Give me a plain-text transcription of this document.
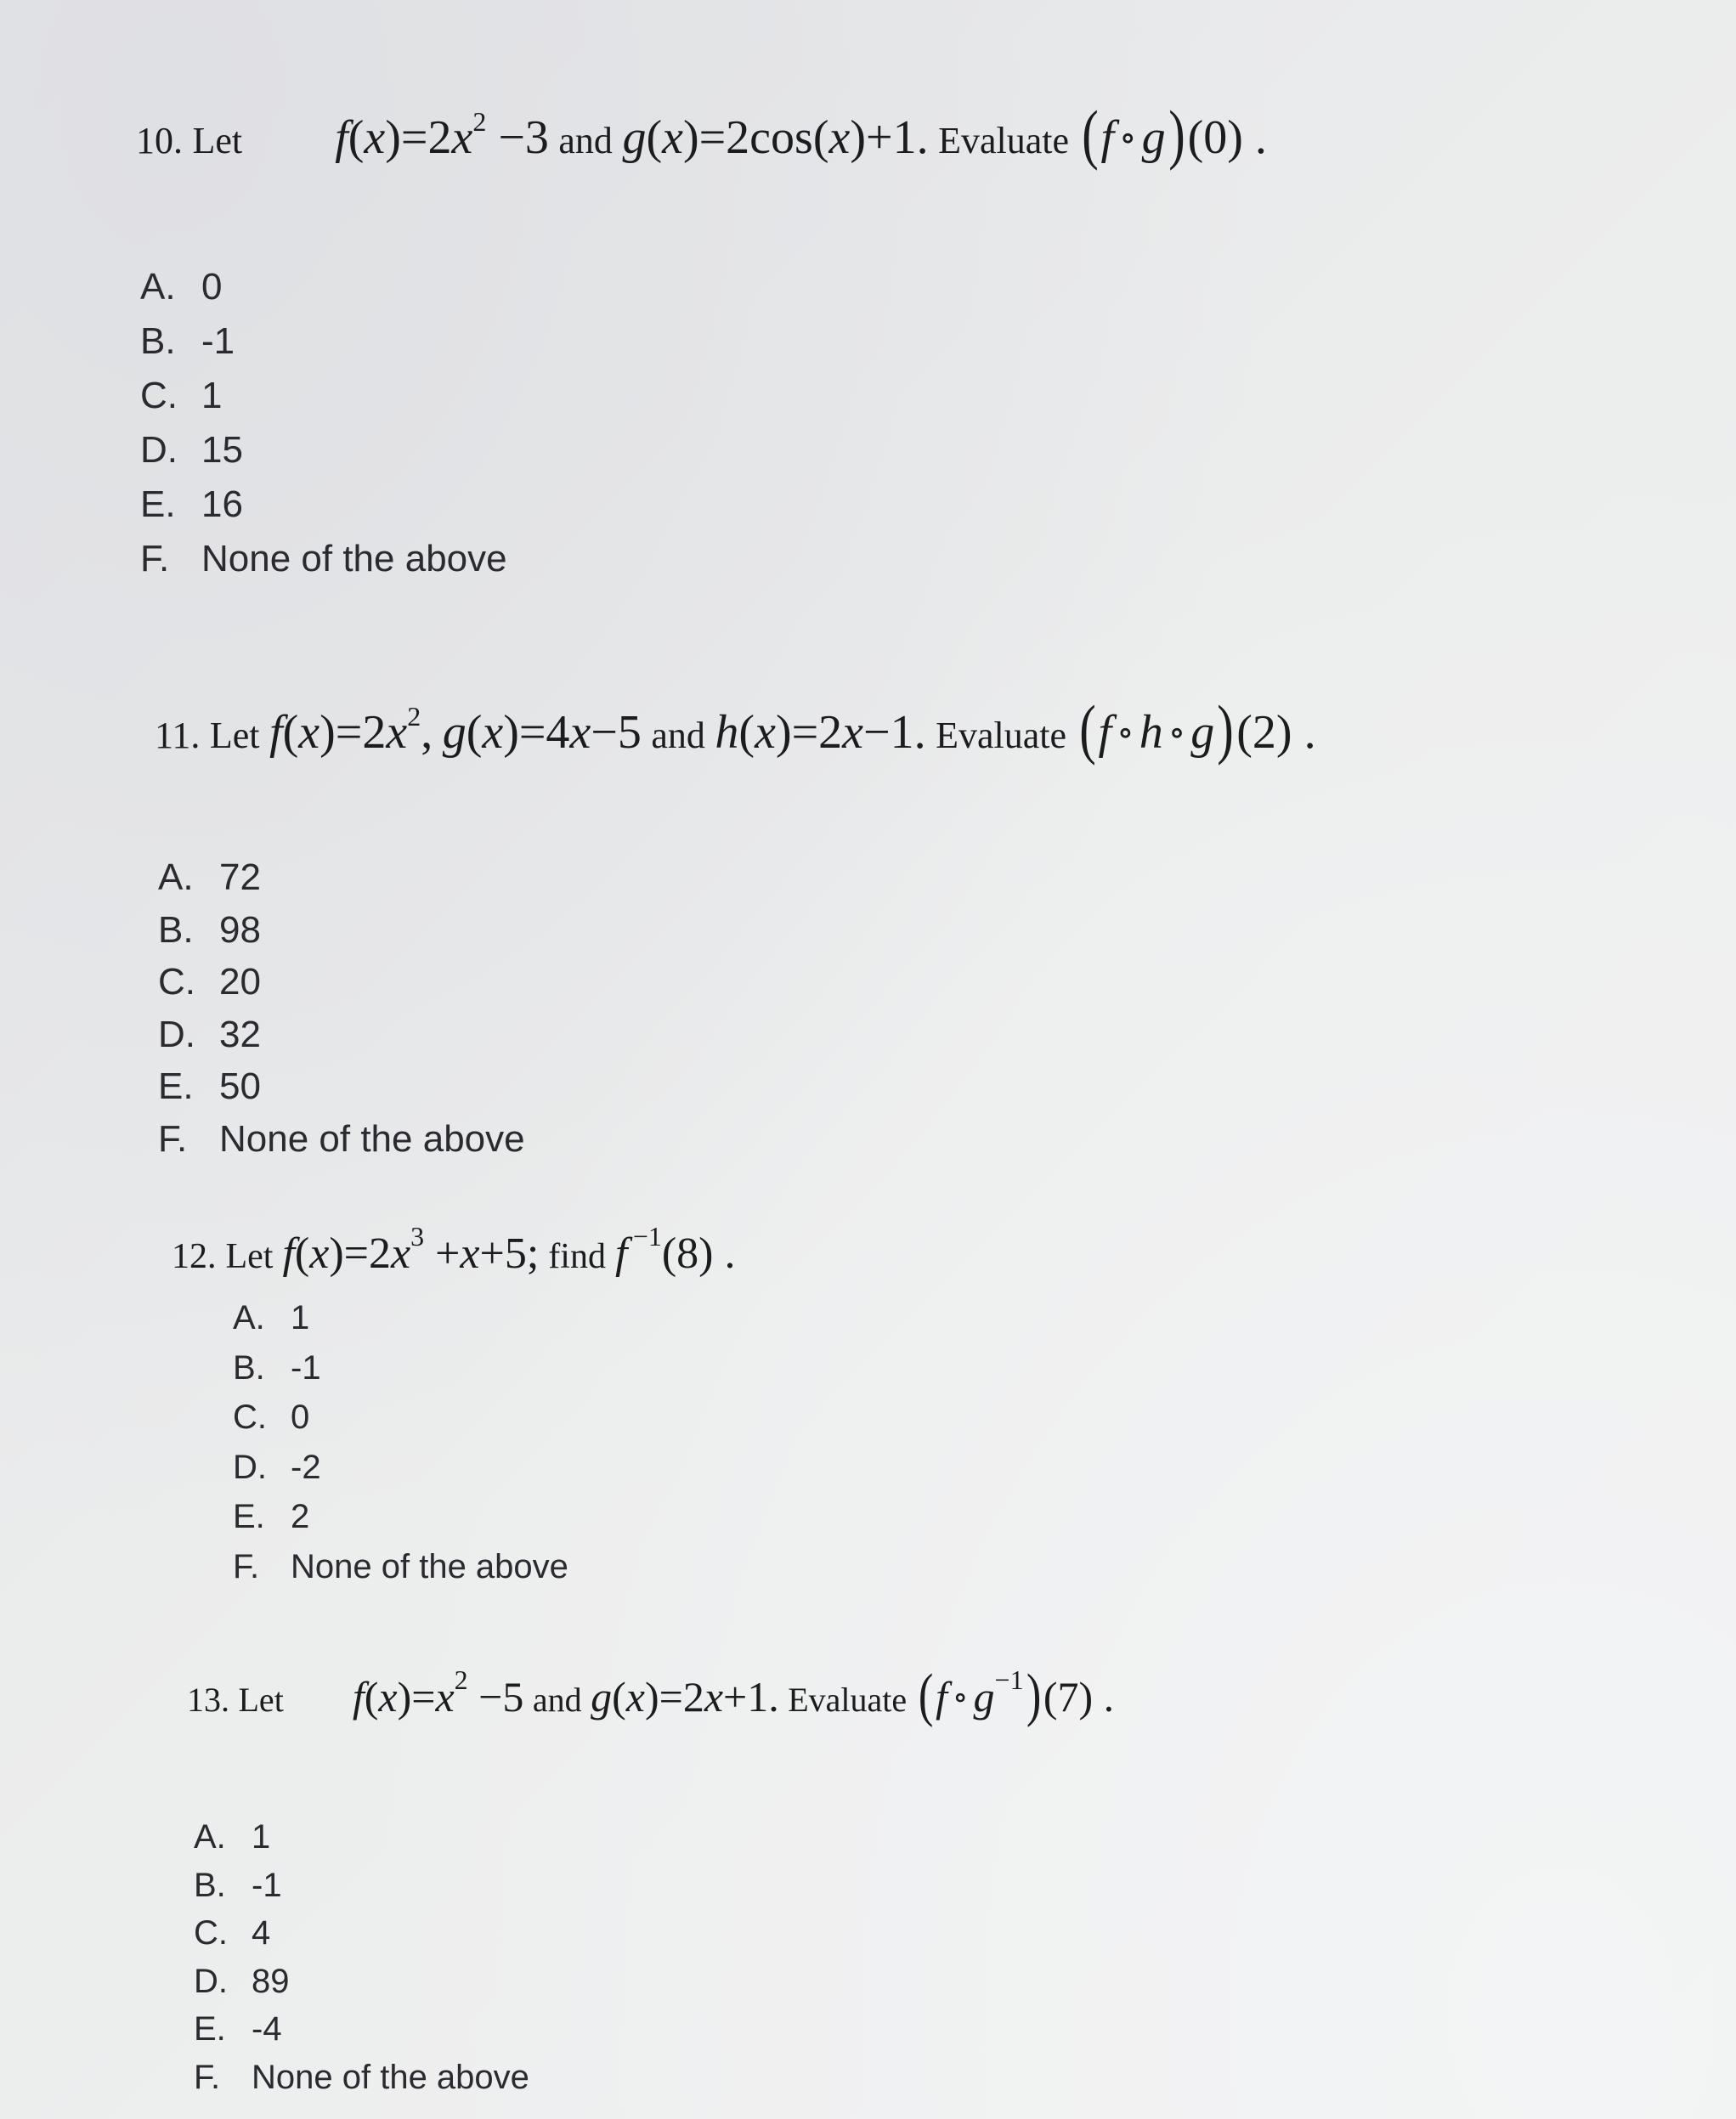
10. Let $f(x)=2x^2 -3$ and g(x)=2cos(x)+1. Evaluate (f ∘ g)(0) .
A. 0
B. -1
C. 1
D. 15
E. 16
F. None of the above
11. Let $f(x)=2x^2$, g(x)=4x−5 and h(x)=2x−1. Evaluate (f ∘ h ∘ g)(2) .
A. 72
B. 98
C. 20
D. 32
E. 50
F. None of the above
12. Let $f(x)=2x^3 +x+5$; find f $^{-1}$(8) .
A. 1
B. -1
C. 0
D. -2
E. 2
F. None of the above
13. Let $f(x)=x^2 -5$ and g(x)=2x+1. Evaluate (f ∘ $g^{-1})(7)$ .
A. 1
B. -1
C. 4
D. 89
E. -4
F. None of the above
